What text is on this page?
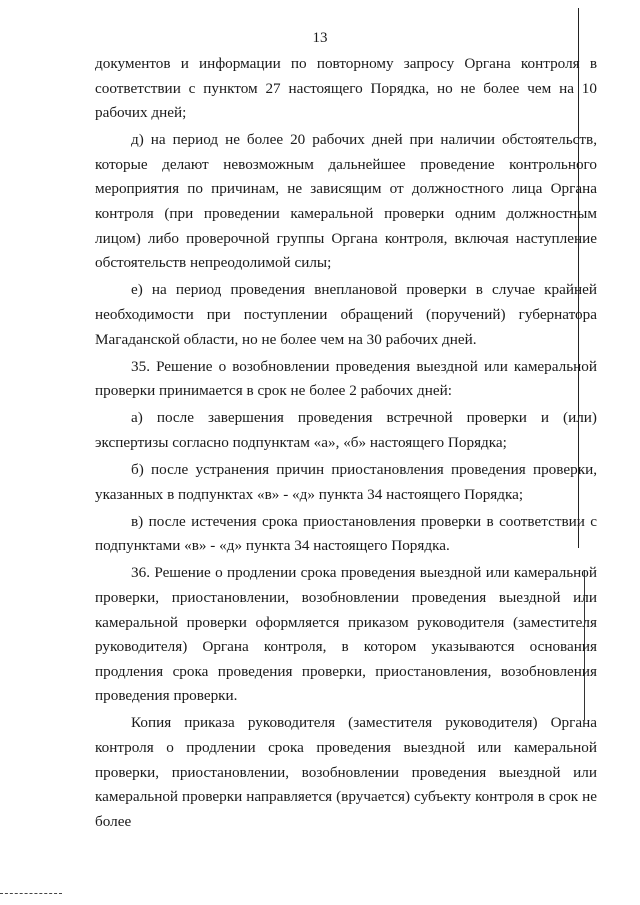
13

документов и информации по повторному запросу Органа контроля в соответствии с пунктом 27 настоящего Порядка, но не более чем на 10 рабочих дней;

д) на период не более 20 рабочих дней при наличии обстоятельств, которые делают невозможным дальнейшее проведение контрольного мероприятия по причинам, не зависящим от должностного лица Органа контроля (при проведении камеральной проверки одним должностным лицом) либо проверочной группы Органа контроля, включая наступление обстоятельств непреодолимой силы;

е) на период проведения внеплановой проверки в случае крайней необходимости при поступлении обращений (поручений) губернатора Магаданской области, но не более чем на 30 рабочих дней.

35. Решение о возобновлении проведения выездной или камеральной проверки принимается в срок не более 2 рабочих дней:

а) после завершения проведения встречной проверки и (или) экспертизы согласно подпунктам «а», «б» настоящего Порядка;

б) после устранения причин приостановления проведения проверки, указанных в подпунктах «в» - «д» пункта 34 настоящего Порядка;

в) после истечения срока приостановления проверки в соответствии с подпунктами «в» - «д» пункта 34 настоящего Порядка.

36. Решение о продлении срока проведения выездной или камеральной проверки, приостановлении, возобновлении проведения выездной или камеральной проверки оформляется приказом руководителя (заместителя руководителя) Органа контроля, в котором указываются основания продления срока проведения проверки, приостановления, возобновления проведения проверки.

Копия приказа руководителя (заместителя руководителя) Органа контроля о продлении срока проведения выездной или камеральной проверки, приостановлении, возобновлении проведения выездной или камеральной проверки направляется (вручается) субъекту контроля в срок не более
